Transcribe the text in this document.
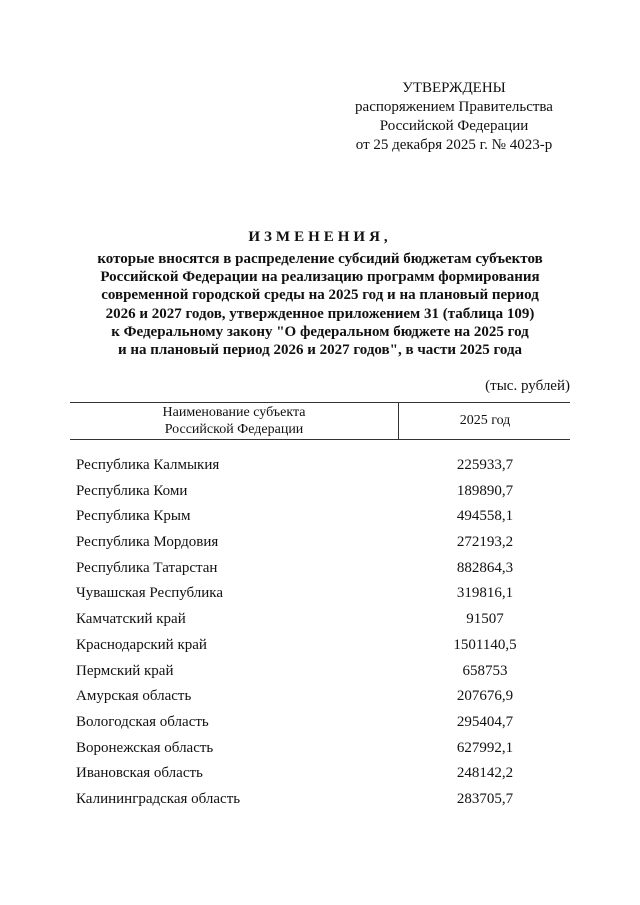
УТВЕРЖДЕНЫ
распоряжением Правительства
Российской Федерации
от 25 декабря 2025 г. № 4023-р
ИЗМЕНЕНИЯ,
которые вносятся в распределение субсидий бюджетам субъектов
Российской Федерации на реализацию программ формирования
современной городской среды на 2025 год и на плановый период
2026 и 2027 годов, утвержденное приложением 31 (таблица 109)
к Федеральному закону "О федеральном бюджете на 2025 год
и на плановый период 2026 и 2027 годов", в части 2025 года
(тыс. рублей)
Наименование субъекта
Российской Федерации
2025 год
Республика Калмыкия	225933,7
Республика Коми	189890,7
Республика Крым	494558,1
Республика Мордовия	272193,2
Республика Татарстан	882864,3
Чувашская Республика	319816,1
Камчатский край	91507
Краснодарский край	1501140,5
Пермский край	658753
Амурская область	207676,9
Вологодская область	295404,7
Воронежская область	627992,1
Ивановская область	248142,2
Калининградская область	283705,7
